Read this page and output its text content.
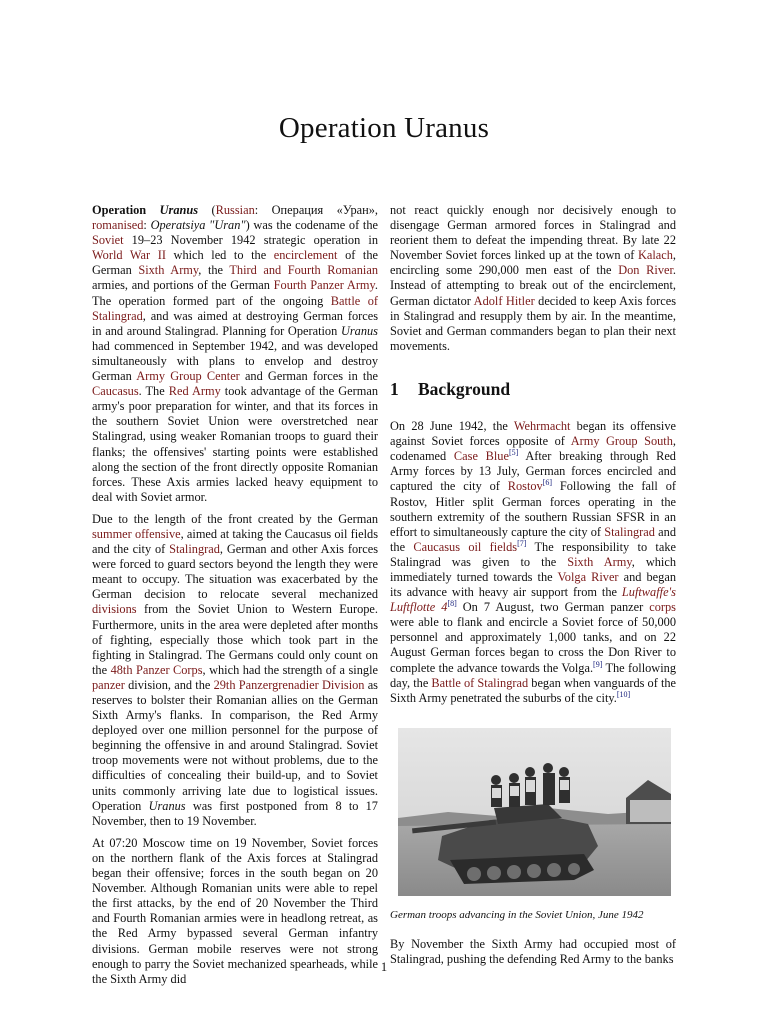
Operation Uranus

Operation Uranus (Russian: Операция «Уран», romanised: Operatsiya "Uran") was the codename of the Soviet 19–23 November 1942 strategic operation in World War II which led to the encirclement of the German Sixth Army, the Third and Fourth Romanian armies, and portions of the German Fourth Panzer Army. The operation formed part of the ongoing Battle of Stalingrad, and was aimed at destroying German forces in and around Stalingrad. Planning for Operation Uranus had commenced in September 1942, and was developed simultaneously with plans to envelop and destroy German Army Group Center and German forces in the Caucasus. The Red Army took advantage of the German army's poor preparation for winter, and that its forces in the southern Soviet Union were overstretched near Stalingrad, using weaker Romanian troops to guard their flanks; the offensives' starting points were established along the section of the front directly opposite Romanian forces. These Axis armies lacked heavy equipment to deal with Soviet armor.

Due to the length of the front created by the German summer offensive, aimed at taking the Caucasus oil fields and the city of Stalingrad, German and other Axis forces were forced to guard sectors beyond the length they were meant to occupy. The situation was exacerbated by the German decision to relocate several mechanized divisions from the Soviet Union to Western Europe. Furthermore, units in the area were depleted after months of fighting, especially those which took part in the fighting in Stalingrad. The Germans could only count on the 48th Panzer Corps, which had the strength of a single panzer division, and the 29th Panzergrenadier Division as reserves to bolster their Romanian allies on the German Sixth Army's flanks. In comparison, the Red Army deployed over one million personnel for the purpose of beginning the offensive in and around Stalingrad. Soviet troop movements were not without problems, due to the difficulties of concealing their build-up, and to Soviet units commonly arriving late due to logistical issues. Operation Uranus was first postponed from 8 to 17 November, then to 19 November.

At 07:20 Moscow time on 19 November, Soviet forces on the northern flank of the Axis forces at Stalingrad began their offensive; forces in the south began on 20 November. Although Romanian units were able to repel the first attacks, by the end of 20 November the Third and Fourth Romanian armies were in headlong retreat, as the Red Army bypassed several German infantry divisions. German mobile reserves were not strong enough to parry the Soviet mechanized spearheads, while the Sixth Army did

not react quickly enough nor decisively enough to disengage German armored forces in Stalingrad and reorient them to defeat the impending threat. By late 22 November Soviet forces linked up at the town of Kalach, encircling some 290,000 men east of the Don River. Instead of attempting to break out of the encirclement, German dictator Adolf Hitler decided to keep Axis forces in Stalingrad and resupply them by air. In the meantime, Soviet and German commanders began to plan their next movements.

1 Background

On 28 June 1942, the Wehrmacht began its offensive against Soviet forces opposite of Army Group South, codenamed Case Blue[5] After breaking through Red Army forces by 13 July, German forces encircled and captured the city of Rostov[6] Following the fall of Rostov, Hitler split German forces operating in the southern extremity of the southern Russian SFSR in an effort to simultaneously capture the city of Stalingrad and the Caucasus oil fields[7] The responsibility to take Stalingrad was given to the Sixth Army, which immediately turned towards the Volga River and began its advance with heavy air support from the Luftwaffe's Luftflotte 4[8] On 7 August, two German panzer corps were able to flank and encircle a Soviet force of 50,000 personnel and approximately 1,000 tanks, and on 22 August German forces began to cross the Don River to complete the advance towards the Volga.[9] The following day, the Battle of Stalingrad began when vanguards of the Sixth Army penetrated the suburbs of the city.[10]

German troops advancing in the Soviet Union, June 1942

By November the Sixth Army had occupied most of Stalingrad, pushing the defending Red Army to the banks

1
